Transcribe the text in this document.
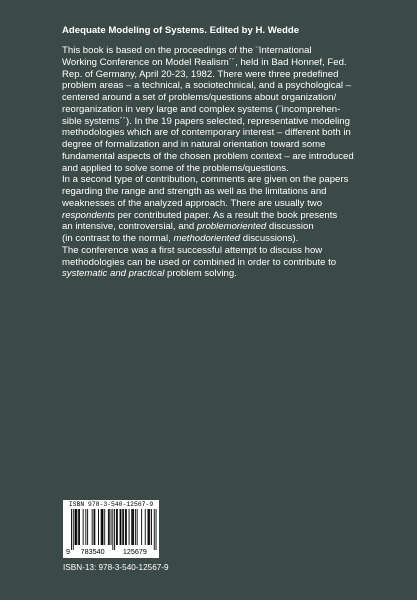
Adequate Modeling of Systems. Edited by H. Wedde
This book is based on the proceedings of the ¨International
Working Conference on Model Realism´´, held in Bad Honnef, Fed.
Rep. of Germany, April 20-23, 1982. There were three predefined
problem areas – a technical, a sociotechnical, and a psychological –
centered around a set of problems/questions about organization/
reorganization in very large and complex systems (¨incomprehen-
sible systems´´). In the 19 papers selected, representative modeling
methodologies which are of contemporary interest – different both in
degree of formalization and in natural orientation toward some
fundamental aspects of the chosen problem context – are introduced
and applied to solve some of the problems/questions.
In a second type of contribution, comments are given on the papers
regarding the range and strength as well as the limitations and
weaknesses of the analyzed approach. There are usually two
respondents per contributed paper. As a result the book presents
an intensive, controversial, and problemoriented discussion
(in contrast to the normal, methodoriented discussions).
The conference was a first successful attempt to discuss how
methodologies can be used or combined in order to contribute to
systematic and practical problem solving.
9 783540	125679
ISBN 978-3-540-12567-9
ISBN-13: 978-3-540-12567-9
